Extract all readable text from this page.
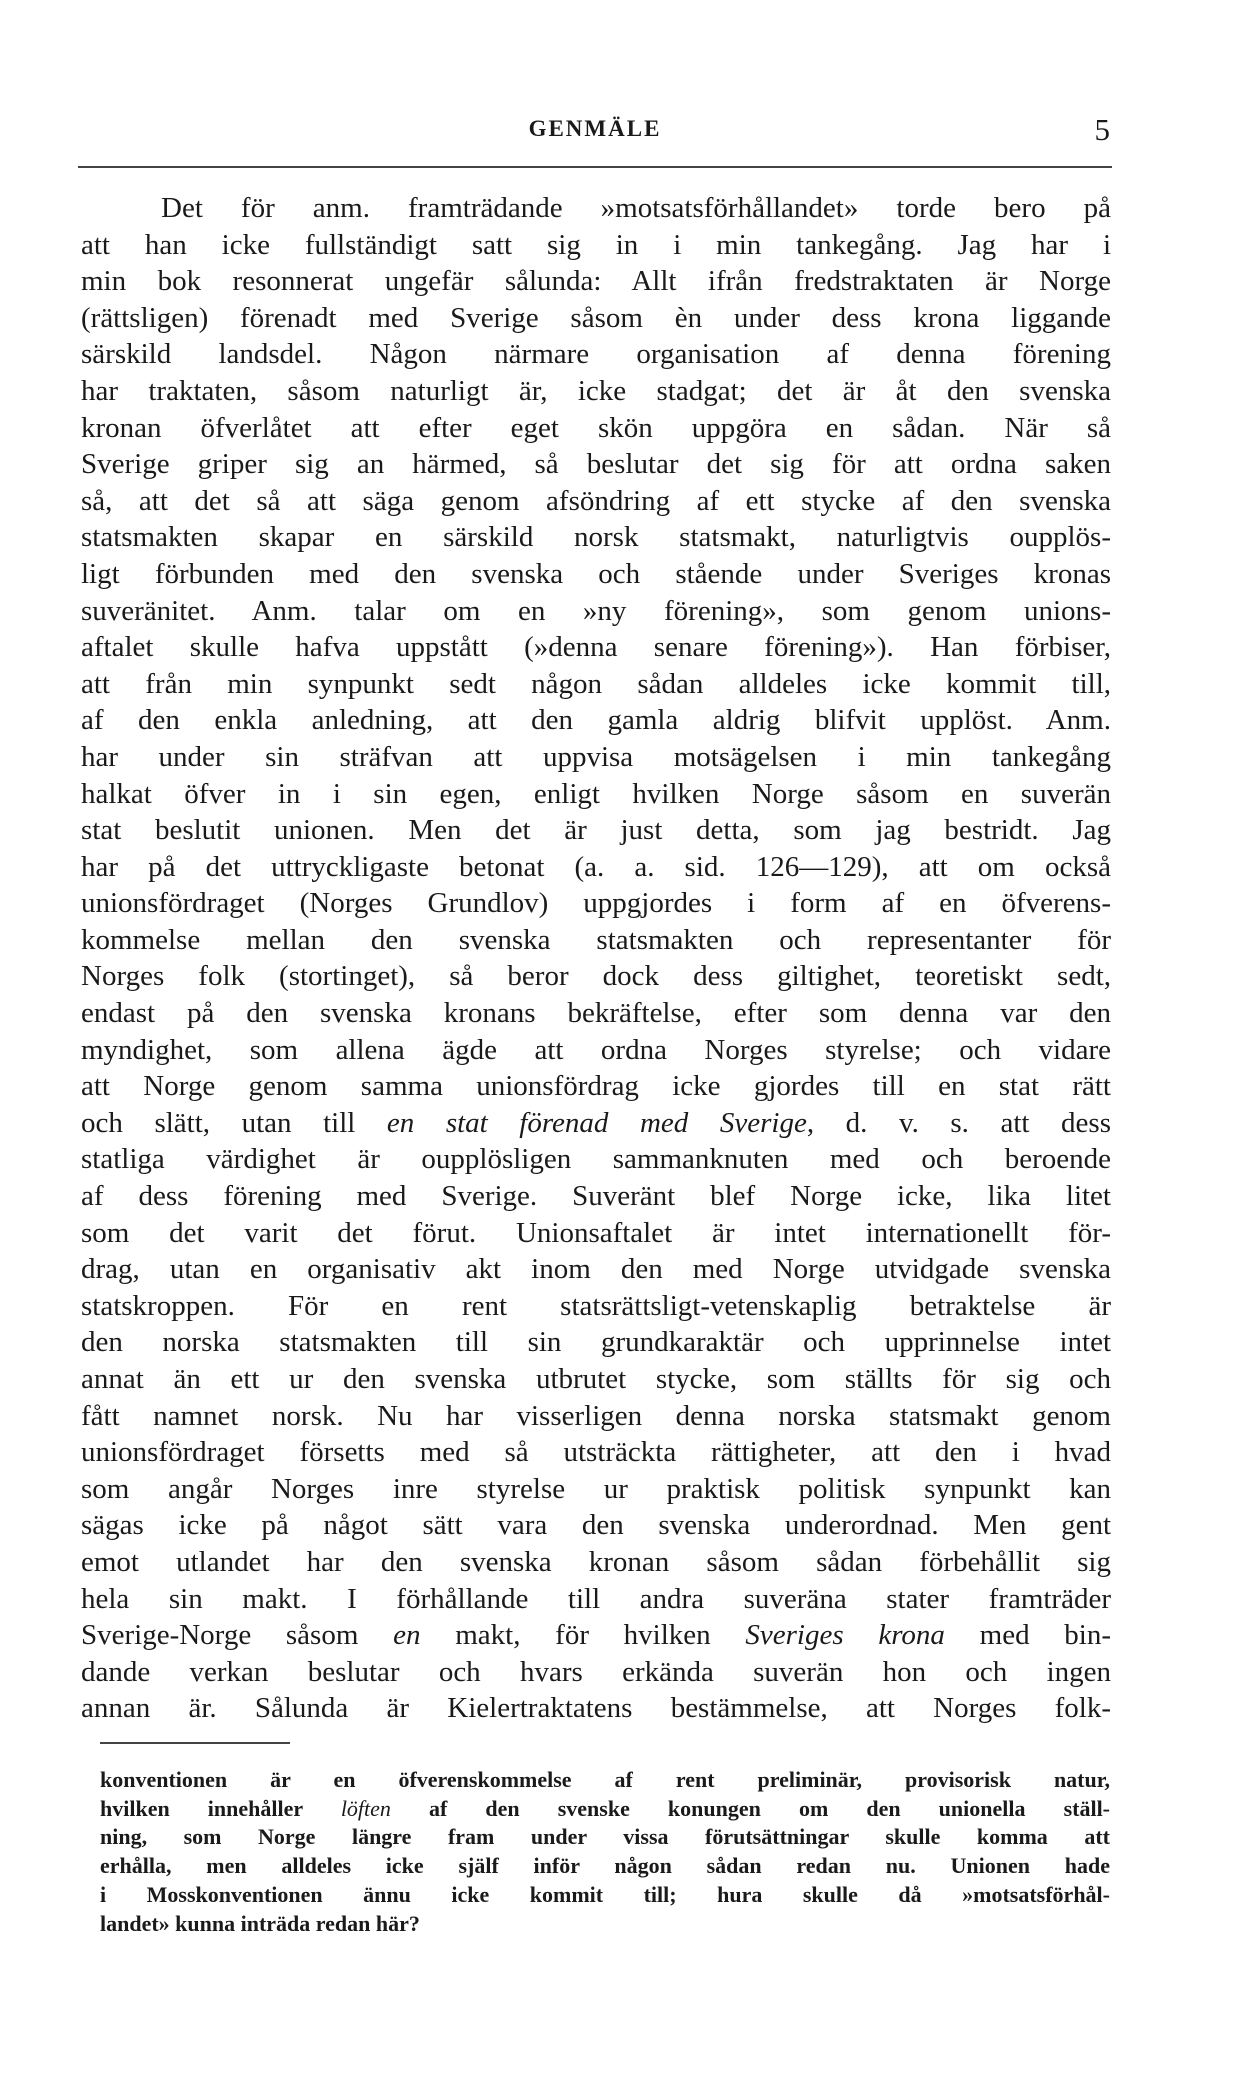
GENMÄLE	5
Det för anm. framträdande »motsatsförhållandet» torde bero på
att han icke fullständigt satt sig in i min tankegång. Jag har i
min bok resonnerat ungefär sålunda: Allt ifrån fredstraktaten är Norge
(rättsligen) förenadt med Sverige såsom èn under dess krona liggande
särskild landsdel. Någon närmare organisation af denna förening
har traktaten, såsom naturligt är, icke stadgat; det är åt den svenska
kronan öfverlåtet att efter eget skön uppgöra en sådan. När så
Sverige griper sig an härmed, så beslutar det sig för att ordna saken
så, att det så att säga genom afsöndring af ett stycke af den svenska
statsmakten skapar en särskild norsk statsmakt, naturligtvis oupplös-
ligt förbunden med den svenska och stående under Sveriges kronas
suveränitet. Anm. talar om en »ny förening», som genom unions-
aftalet skulle hafva uppstått (»denna senare förening»). Han förbiser,
att från min synpunkt sedt någon sådan alldeles icke kommit till,
af den enkla anledning, att den gamla aldrig blifvit upplöst. Anm.
har under sin sträfvan att uppvisa motsägelsen i min tankegång
halkat öfver in i sin egen, enligt hvilken Norge såsom en suverän
stat beslutit unionen. Men det är just detta, som jag bestridt. Jag
har på det uttryckligaste betonat (a. a. sid. 126—129), att om också
unionsfördraget (Norges Grundlov) uppgjordes i form af en öfverens-
kommelse mellan den svenska statsmakten och representanter för
Norges folk (stortinget), så beror dock dess giltighet, teoretiskt sedt,
endast på den svenska kronans bekräftelse, efter som denna var den
myndighet, som allena ägde att ordna Norges styrelse; och vidare
att Norge genom samma unionsfördrag icke gjordes till en stat rätt
och slätt, utan till en stat förenad med Sverige, d. v. s. att dess
statliga värdighet är oupplösligen sammanknuten med och beroende
af dess förening med Sverige. Suveränt blef Norge icke, lika litet
som det varit det förut. Unionsaftalet är intet internationellt för-
drag, utan en organisativ akt inom den med Norge utvidgade svenska
statskroppen. För en rent statsrättsligt-vetenskaplig betraktelse är
den norska statsmakten till sin grundkaraktär och upprinnelse intet
annat än ett ur den svenska utbrutet stycke, som ställts för sig och
fått namnet norsk. Nu har visserligen denna norska statsmakt genom
unionsfördraget försetts med så utsträckta rättigheter, att den i hvad
som angår Norges inre styrelse ur praktisk politisk synpunkt kan
sägas icke på något sätt vara den svenska underordnad. Men gent
emot utlandet har den svenska kronan såsom sådan förbehållit sig
hela sin makt. I förhållande till andra suveräna stater framträder
Sverige-Norge såsom en makt, för hvilken Sveriges krona med bin-
dande verkan beslutar och hvars erkända suverän hon och ingen
annan är. Sålunda är Kielertraktatens bestämmelse, att Norges folk-
konventionen är en öfverenskommelse af rent preliminär, provisorisk natur,
hvilken innehåller löften af den svenske konungen om den unionella ställ-
ning, som Norge längre fram under vissa förutsättningar skulle komma att
erhålla, men alldeles icke själf inför någon sådan redan nu. Unionen hade
i Mosskonventionen ännu icke kommit till; hura skulle då »motsatsförhål-
landet» kunna inträda redan här?
